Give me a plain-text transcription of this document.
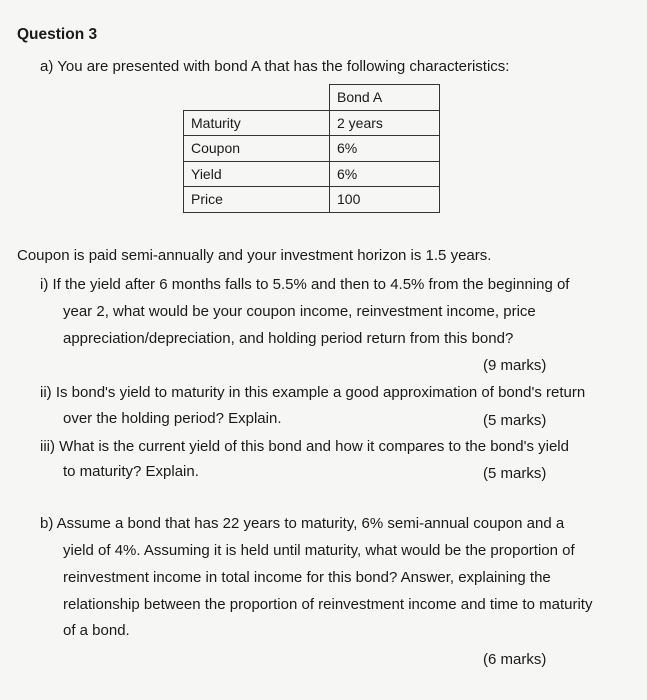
Question 3
a) You are presented with bond A that has the following characteristics:
	Bond A
Maturity	2 years
Coupon	6%
Yield	6%
Price	100
Coupon is paid semi-annually and your investment horizon is 1.5 years.
i) If the yield after 6 months falls to 5.5% and then to 4.5% from the beginning of
year 2, what would be your coupon income, reinvestment income, price
appreciation/depreciation, and holding period return from this bond?
(9 marks)
ii) Is bond's yield to maturity in this example a good approximation of bond's return
over the holding period? Explain.	(5 marks)
iii) What is the current yield of this bond and how it compares to the bond's yield
to maturity? Explain.	(5 marks)
b) Assume a bond that has 22 years to maturity, 6% semi-annual coupon and a
yield of 4%. Assuming it is held until maturity, what would be the proportion of
reinvestment income in total income for this bond? Answer, explaining the
relationship between the proportion of reinvestment income and time to maturity
of a bond.
(6 marks)
